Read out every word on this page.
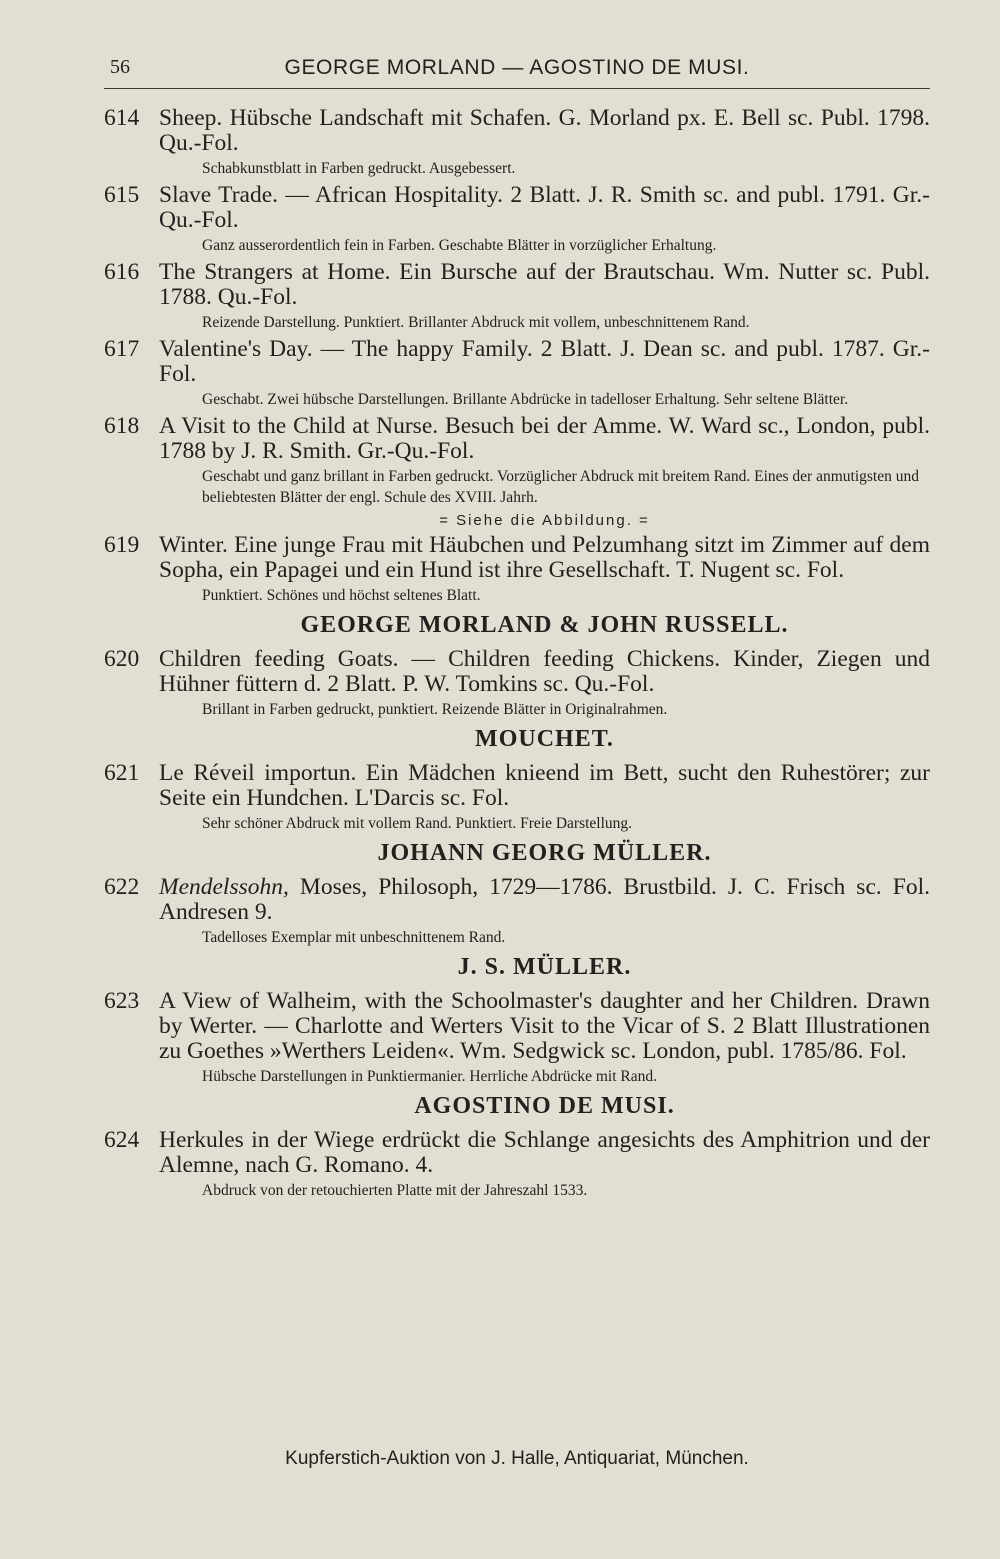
56	GEORGE MORLAND — AGOSTINO DE MUSI.
614 Sheep. Hübsche Landschaft mit Schafen. G. Morland px. E. Bell sc. Publ. 1798. Qu.-Fol.
Schabkunstblatt in Farben gedruckt. Ausgebessert.
615 Slave Trade. — African Hospitality. 2 Blatt. J. R. Smith sc. and publ. 1791. Gr.-Qu.-Fol.
Ganz ausserordentlich fein in Farben. Geschabte Blätter in vorzüglicher Erhaltung.
616 The Strangers at Home. Ein Bursche auf der Brautschau. Wm. Nutter sc. Publ. 1788. Qu.-Fol.
Reizende Darstellung. Punktiert. Brillanter Abdruck mit vollem, unbeschnittenem Rand.
617 Valentine's Day. — The happy Family. 2 Blatt. J. Dean sc. and publ. 1787. Gr.-Fol.
Geschabt. Zwei hübsche Darstellungen. Brillante Abdrücke in tadelloser Erhaltung. Sehr seltene Blätter.
618 A Visit to the Child at Nurse. Besuch bei der Amme. W. Ward sc., London, publ. 1788 by J. R. Smith. Gr.-Qu.-Fol.
Geschabt und ganz brillant in Farben gedruckt. Vorzüglicher Abdruck mit breitem Rand. Eines der anmutigsten und beliebtesten Blätter der engl. Schule des XVIII. Jahrh.
= Siehe die Abbildung. =
619 Winter. Eine junge Frau mit Häubchen und Pelzumhang sitzt im Zimmer auf dem Sopha, ein Papagei und ein Hund ist ihre Gesellschaft. T. Nugent sc. Fol.
Punktiert. Schönes und höchst seltenes Blatt.
GEORGE MORLAND & JOHN RUSSELL.
620 Children feeding Goats. — Children feeding Chickens. Kinder, Ziegen und Hühner füttern d. 2 Blatt. P. W. Tomkins sc. Qu.-Fol.
Brillant in Farben gedruckt, punktiert. Reizende Blätter in Originalrahmen.
MOUCHET.
621 Le Réveil importun. Ein Mädchen knieend im Bett, sucht den Ruhestörer; zur Seite ein Hundchen. L'Darcis sc. Fol.
Sehr schöner Abdruck mit vollem Rand. Punktiert. Freie Darstellung.
JOHANN GEORG MÜLLER.
622 Mendelssohn, Moses, Philosoph, 1729—1786. Brustbild. J. C. Frisch sc. Fol. Andresen 9.
Tadelloses Exemplar mit unbeschnittenem Rand.
J. S. MÜLLER.
623 A View of Walheim, with the Schoolmaster's daughter and her Children. Drawn by Werter. — Charlotte and Werters Visit to the Vicar of S. 2 Blatt Illustrationen zu Goethes »Werthers Leiden«. Wm. Sedgwick sc. London, publ. 1785/86. Fol.
Hübsche Darstellungen in Punktiermanier. Herrliche Abdrücke mit Rand.
AGOSTINO DE MUSI.
624 Herkules in der Wiege erdrückt die Schlange angesichts des Amphitrion und der Alemne, nach G. Romano. 4.
Abdruck von der retouchierten Platte mit der Jahreszahl 1533.
Kupferstich-Auktion von J. Halle, Antiquariat, München.
